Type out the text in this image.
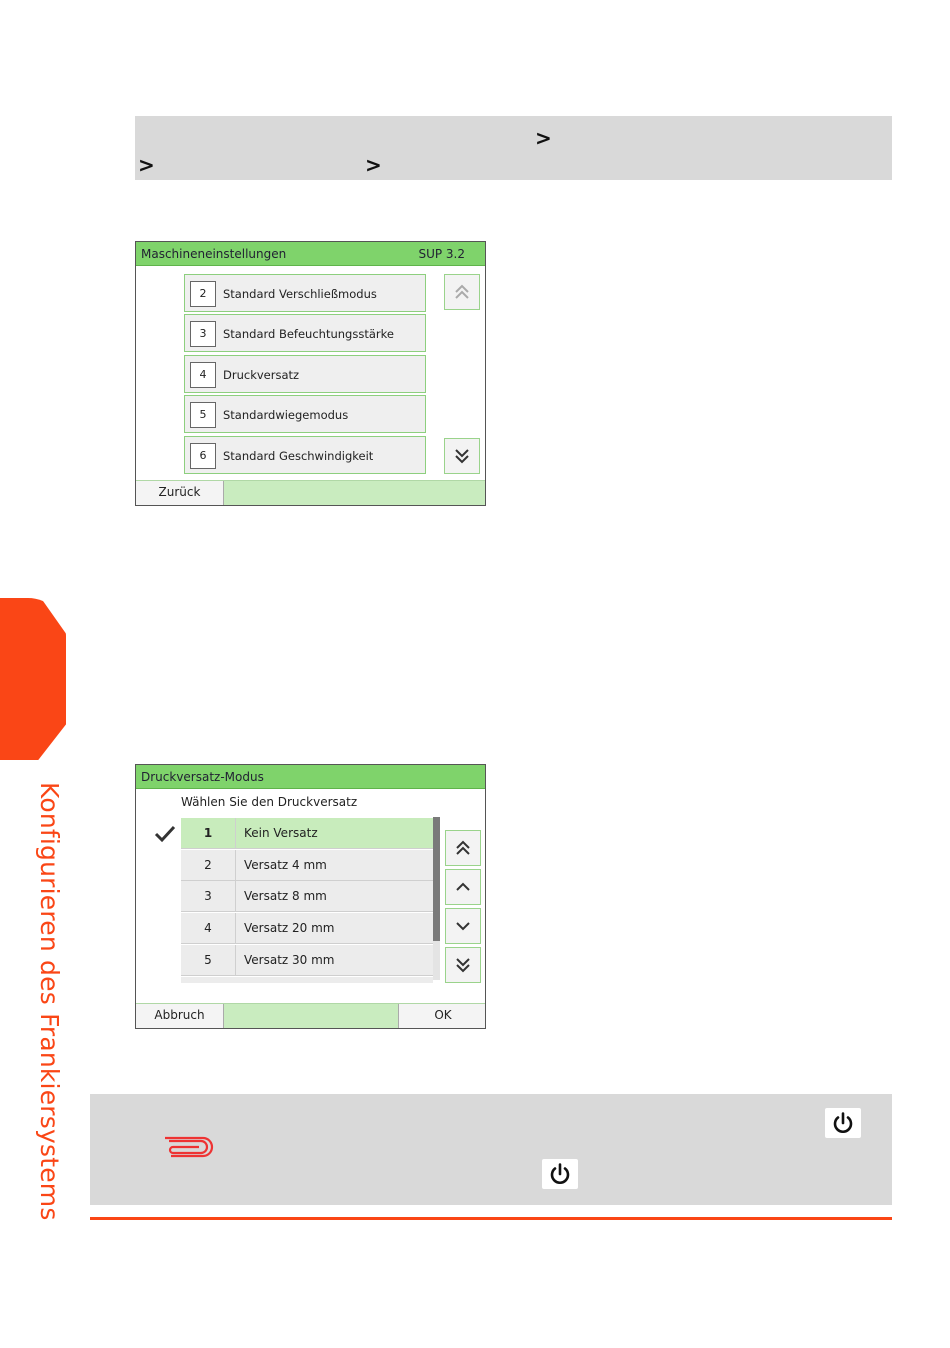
Konfigurieren des Frankiersystems
>
>	>
Maschineneinstellungen	SUP 3.2
2	Standard Verschließmodus
3	Standard Befeuchtungsstärke
4	Druckversatz
5	Standardwiegemodus
6	Standard Geschwindigkeit
Zurück
Druckversatz-Modus
Wählen Sie den Druckversatz
1	Kein Versatz
2	Versatz 4 mm
3	Versatz 8 mm
4	Versatz 20 mm
5	Versatz 30 mm
Abbruch	OK
